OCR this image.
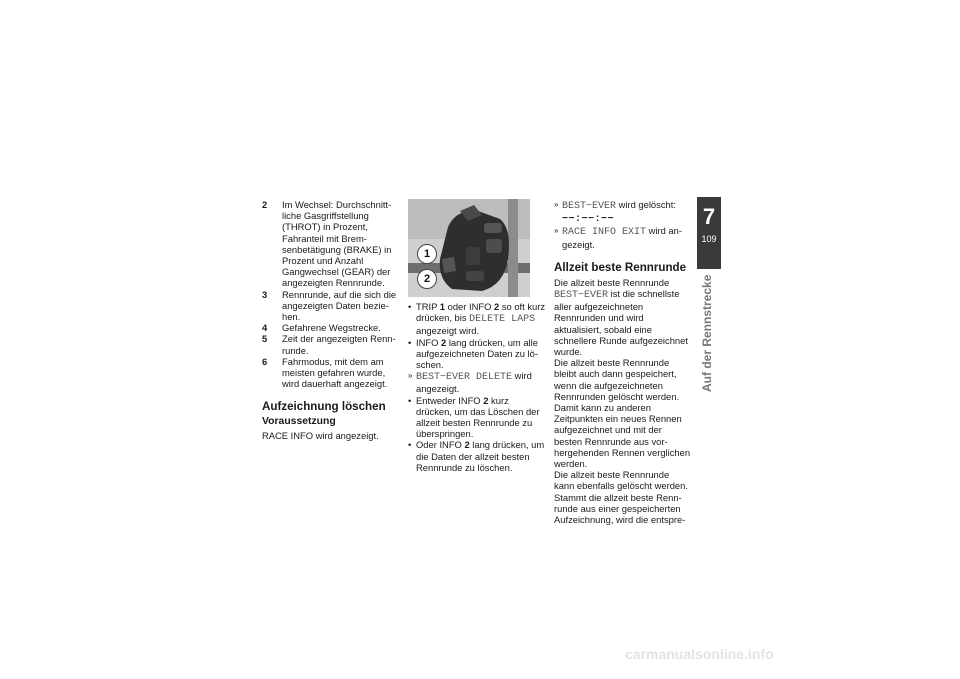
2	Im Wechsel: Durchschnittliche Gasgriffstellung (THROT) in Prozent, Fahranteil mit Bremsenbetätigung (BRAKE) in Prozent und Anzahl Gangwechsel (GEAR) der angezeigten Rennrunde.
3	Rennrunde, auf die sich die angezeigten Daten beziehen.
4	Gefahrene Wegstrecke.
5	Zeit der angezeigten Rennrunde.
6	Fahrmodus, mit dem am meisten gefahren wurde, wird dauerhaft angezeigt.
Aufzeichnung löschen
Voraussetzung

RACE INFO wird angezeigt.

1
2
• TRIP 1 oder INFO 2 so oft kurz drücken, bis DELETE LAPS angezeigt wird.
• INFO 2 lang drücken, um alle aufgezeichneten Daten zu löschen.
» BEST−EVER DELETE wird angezeigt.
• Entweder INFO 2 kurz drücken, um das Löschen der allzeit besten Rennrunde zu überspringen.
• Oder INFO 2 lang drücken, um die Daten der allzeit besten Rennrunde zu löschen.
» BEST−EVER wird gelöscht:
−−:−−:−−
» RACE INFO EXIT wird angezeigt.
Allzeit beste Rennrunde

Die allzeit beste Rennrunde
BEST−EVER ist die schnellste aller aufgezeichneten Rennrunden und wird aktualisiert, sobald eine schnellere Runde aufgezeichnet wurde.

Die allzeit beste Rennrunde bleibt auch dann gespeichert, wenn die aufgezeichneten Rennrunden gelöscht werden. Damit kann zu anderen Zeitpunkten ein neues Rennen aufgezeichnet und mit der besten Rennrunde aus vorhergehenden Rennen verglichen werden.

Die allzeit beste Rennrunde kann ebenfalls gelöscht werden. Stammt die allzeit beste Rennrunde aus einer gespeicherten Aufzeichnung, wird die entspre-

7
109
Auf der Rennstrecke
carmanualsonline.info
